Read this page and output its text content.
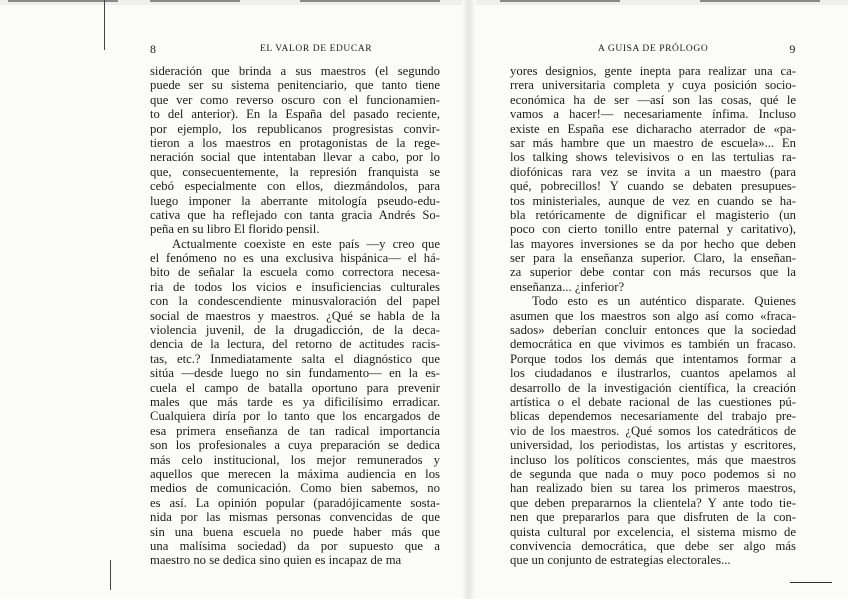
8	EL VALOR DE EDUCAR
sideración que brinda a sus maestros (el segundo
puede ser su sistema penitenciario, que tanto tiene
que ver como reverso oscuro con el funcionamien-
to del anterior). En la España del pasado reciente,
por ejemplo, los republicanos progresistas convir-
tieron a los maestros en protagonistas de la rege-
neración social que intentaban llevar a cabo, por lo
que, consecuentemente, la represión franquista se
cebó especialmente con ellos, diezmándolos, para
luego imponer la aberrante mitología pseudo-edu-
cativa que ha reflejado con tanta gracia Andrés So-
peña en su libro El florido pensil.
Actualmente coexiste en este país —y creo que
el fenómeno no es una exclusiva hispánica— el há-
bito de señalar la escuela como correctora necesa-
ria de todos los vicios e insuficiencias culturales
con la condescendiente minusvaloración del papel
social de maestros y maestros. ¿Qué se habla de la
violencia juvenil, de la drugadicción, de la deca-
dencia de la lectura, del retorno de actitudes racis-
tas, etc.? Inmediatamente salta el diagnóstico que
sitúa —desde luego no sin fundamento— en la es-
cuela el campo de batalla oportuno para prevenir
males que más tarde es ya dificilísimo erradicar.
Cualquiera diría por lo tanto que los encargados de
esa primera enseñanza de tan radical importancia
son los profesionales a cuya preparación se dedica
más celo institucional, los mejor remunerados y
aquellos que merecen la máxima audiencia en los
medios de comunicación. Como bien sabemos, no
es así. La opinión popular (paradójicamente sosta-
nida por las mismas personas convencidas de que
sin una buena escuela no puede haber más que
una malísima sociedad) da por supuesto que a
maestro no se dedica sino quien es incapaz de ma
A GUISA DE PRÓLOGO	9
yores designios, gente inepta para realizar una ca-
rrera universitaria completa y cuya posición socio-
económica ha de ser —así son las cosas, qué le
vamos a hacer!— necesariamente ínfima. Incluso
existe en España ese dicharacho aterrador de «pa-
sar más hambre que un maestro de escuela»... En
los talking shows televisivos o en las tertulias ra-
diofónicas rara vez se invita a un maestro (para
qué, pobrecillos! Y cuando se debaten presupues-
tos ministeriales, aunque de vez en cuando se ha-
bla retóricamente de dignificar el magisterio (un
poco con cierto tonillo entre paternal y caritativo),
las mayores inversiones se da por hecho que deben
ser para la enseñanza superior. Claro, la enseñan-
za superior debe contar con más recursos que la
enseñanza... ¿inferior?
Todo esto es un auténtico disparate. Quienes
asumen que los maestros son algo así como «fraca-
sados» deberían concluir entonces que la sociedad
democrática en que vivimos es también un fracaso.
Porque todos los demás que intentamos formar a
los ciudadanos e ilustrarlos, cuantos apelamos al
desarrollo de la investigación científica, la creación
artística o el debate racional de las cuestiones pú-
blicas dependemos necesariamente del trabajo pre-
vio de los maestros. ¿Qué somos los catedráticos de
universidad, los periodistas, los artistas y escritores,
incluso los políticos conscientes, más que maestros
de segunda que nada o muy poco podemos si no
han realizado bien su tarea los primeros maestros,
que deben prepararnos la clientela? Y ante todo tie-
nen que prepararlos para que disfruten de la con-
quista cultural por excelencia, el sistema mismo de
convivencia democrática, que debe ser algo más
que un conjunto de estrategias electorales...
